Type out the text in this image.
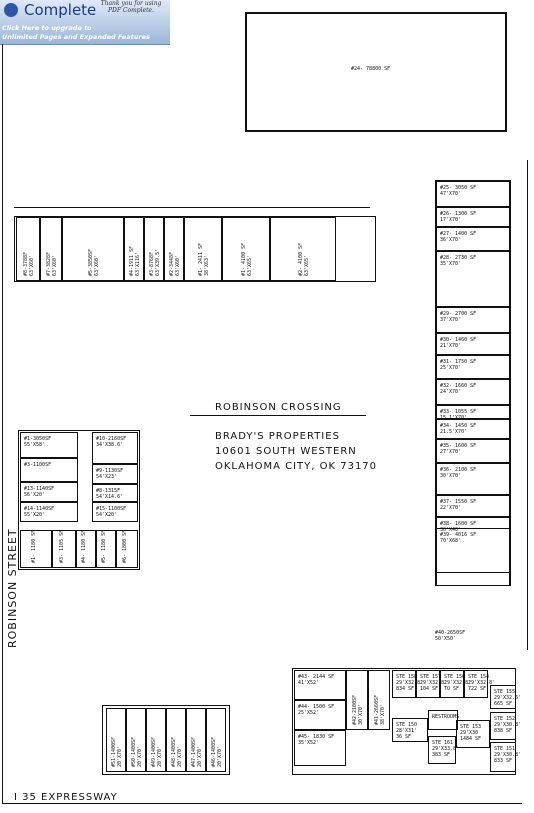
Complete Thank you for using
PDF Complete.
Click Here to upgrade to
Unlimited Pages and Expanded Features
#24- 78800 SF
#8-3788F
63'X60' #7-3828F
63'X60'	#5-3850SF
63'X60'	#4-1911 SF
63'X116' #3-8768F
63'X39.5' #2-3448F
63'X60'	#1- 2411 SF
38'X63'	#1- 4100 SF
63'X65'	#2- 4100 SF
63'X65'
#25- 3050 SF
47'X70'
#26- 1300 SF
17'X70'
#27- 1400 SF
36'X70'
#28- 2730 SF
35'X70'
#29- 2700 SF
37'X70'
#30- 1460 SF
21'X70'
#31- 1750 SF
25'X70'
#32- 1660 SF
24'X70'
#33- 1055 SF
15.1'X70'
#34- 1450 SF
21.5'X70'
#35- 1600 SF
27'X70'
#36- 2100 SF
30'X70'
#37- 1550 SF
22'X70'
#38- 1600 SF
30'X40'
#39- 4016 SF
70'X68'
ROBINSON CROSSING
BRADY'S PROPERTIES
10601 SOUTH WESTERN
OKLAHOMA CITY, OK 73170
#1-3050SF
55'X58'
#3-1100SF
#13-1140SF
56'X20'
#14-1140SF
55'X20'
#10-2160SF
34'X38.6'
#9-1130SF
54'X23'
#8-1315F
54'X14.6'
#15-1100SF
54'X20'
#1- 1180 SF	#3- 1105 SF	#4- 1180 SF	#5- 1180 SF	#6- 1800 SF
ROBINSON STREET
I 35 EXPRESSWAY
#40-2650SF
50'X50'
#51-1400SF
20'X70' #50-1400SF
20'X70' #49-1400SF
20'X70' #48-1400SF
20'X70' #47-1400SF
20'X70' #46-1400SF
20'X70'
#43- 2144 SF
41'X52'
#44- 1500 SF
25'X52'
#45- 1830 SF
35'X52'
#42-2100SF
30'X70' #41-2660SF
38'X70'
STE 158
29'X32.8'
834 SF
STE 157
29'X32.8'
104 SF
STE 156
29'X32.8'
TO SF
STE 154
29'X32.8'
722 SF	STE 155
29'X32.6'
665 SF
STE 150
28'X31'
36 SF
RESTROOMS
STE 161
29'X33.8'
383 SF
STE 152
29'X30.8'
838 SF
STE 153
29'X30
1484 SF
STE 151
29'X30.8'
833 SF
